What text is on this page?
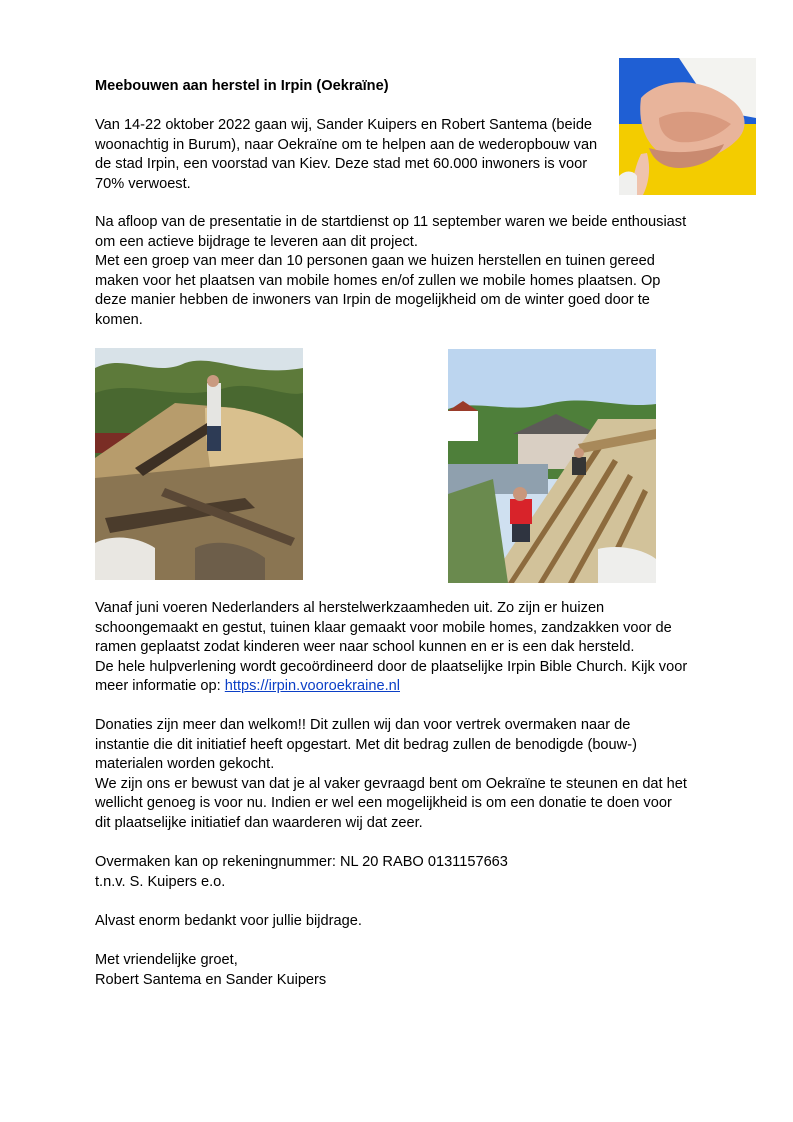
Meebouwen aan herstel in Irpin (Oekraïne)
Van 14-22 oktober 2022 gaan wij, Sander Kuipers en Robert Santema (beide
woonachtig in Burum), naar Oekraïne om te helpen aan de wederopbouw van
de stad Irpin, een voorstad van Kiev. Deze stad met 60.000 inwoners is voor
70% verwoest.
Na afloop van de presentatie in de startdienst op 11 september waren we beide enthousiast
om een actieve bijdrage te leveren aan dit project.
Met een groep van meer dan 10 personen gaan we huizen herstellen en tuinen gereed
maken voor het plaatsen van mobile homes en/of zullen we mobile homes plaatsen. Op
deze manier hebben de inwoners van Irpin de mogelijkheid om de winter goed door te
komen.
Vanaf juni voeren Nederlanders al herstelwerkzaamheden uit. Zo zijn er huizen
schoongemaakt en gestut, tuinen klaar gemaakt voor mobile homes, zandzakken voor de
ramen geplaatst zodat kinderen weer naar school kunnen en er is een dak hersteld.
De hele hulpverlening wordt gecoördineerd door de plaatselijke Irpin Bible Church. Kijk voor
meer informatie op: https://irpin.vooroekraine.nl
Donaties zijn meer dan welkom!! Dit zullen wij dan voor vertrek overmaken naar de
instantie die dit initiatief heeft opgestart. Met dit bedrag zullen de benodigde (bouw-)
materialen worden gekocht.
We zijn ons er bewust van dat je al vaker gevraagd bent om Oekraïne te steunen en dat het
wellicht genoeg is voor nu. Indien er wel een mogelijkheid is om een donatie te doen voor
dit plaatselijke initiatief dan waarderen wij dat zeer.
Overmaken kan op rekeningnummer: NL 20 RABO 0131157663
t.n.v. S. Kuipers e.o.
Alvast enorm bedankt voor jullie bijdrage.
Met vriendelijke groet,
Robert Santema en Sander Kuipers
